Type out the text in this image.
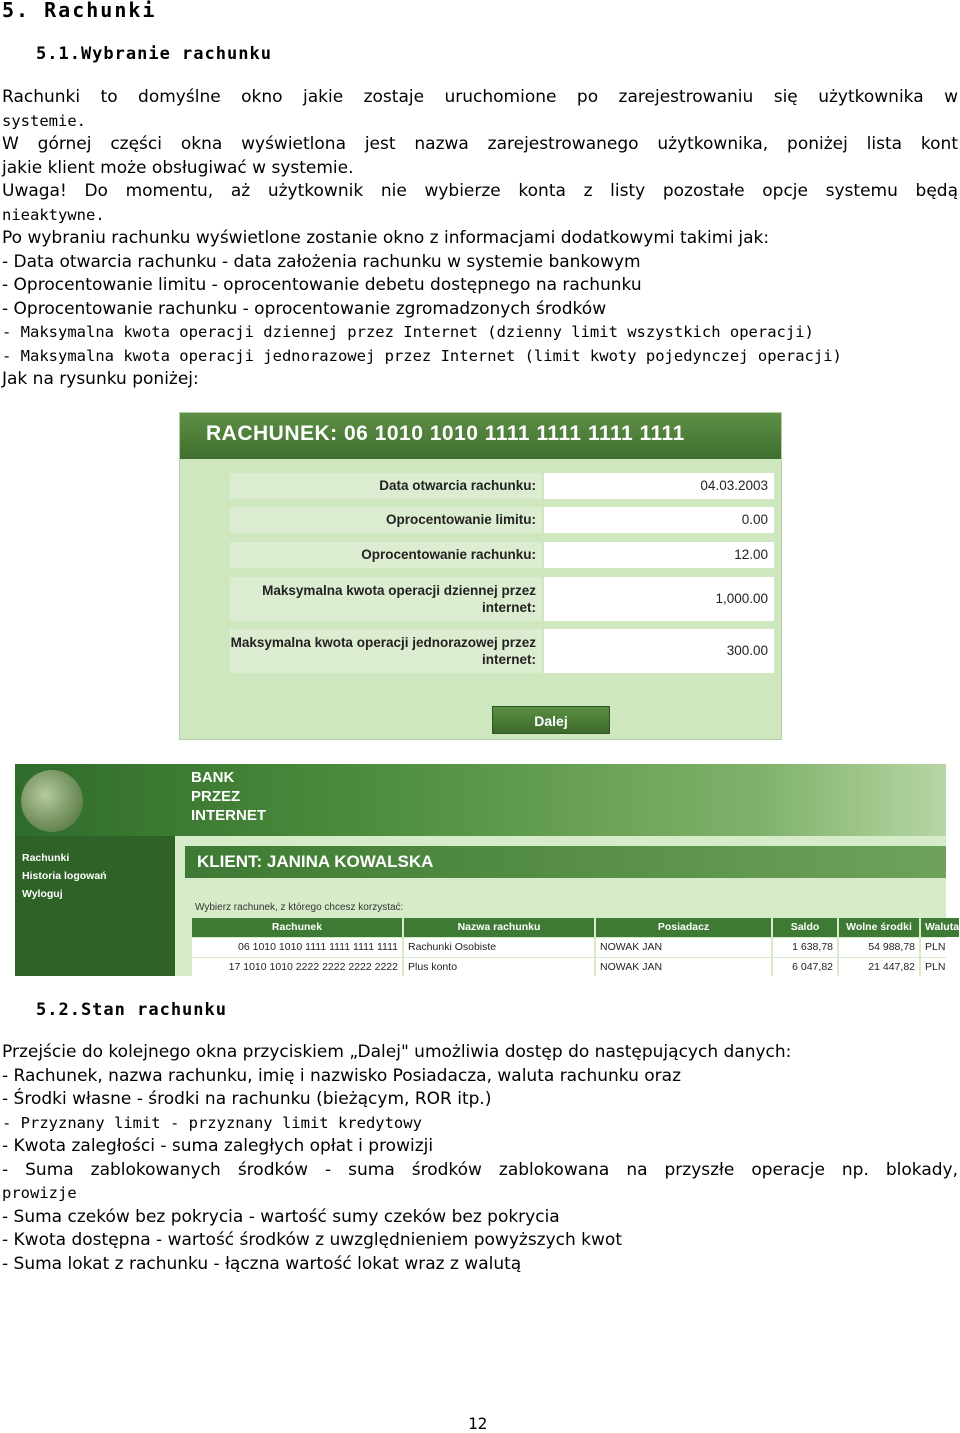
5. Rachunki
5.1.Wybranie rachunku
Rachunki to domyślne okno jakie zostaje uruchomione po zarejestrowaniu się użytkownika w
systemie.
W górnej części okna wyświetlona jest nazwa zarejestrowanego użytkownika, poniżej lista kont
jakie klient może obsługiwać w systemie.
Uwaga! Do momentu, aż użytkownik nie wybierze konta z listy pozostałe opcje systemu będą
nieaktywne.
Po wybraniu rachunku wyświetlone zostanie okno z informacjami dodatkowymi takimi jak:
- Data otwarcia rachunku - data założenia rachunku w systemie bankowym
- Oprocentowanie limitu - oprocentowanie debetu dostępnego na rachunku
- Oprocentowanie rachunku - oprocentowanie zgromadzonych środków
- Maksymalna kwota operacji dziennej przez Internet (dzienny limit wszystkich operacji)
- Maksymalna kwota operacji jednorazowej przez Internet (limit kwoty pojedynczej operacji)
Jak na rysunku poniżej:
RACHUNEK: 06 1010 1010 1111 1111 1111 1111
Data otwarcia rachunku:	04.03.2003
Oprocentowanie limitu:	0.00
Oprocentowanie rachunku:	12.00
Maksymalna kwota operacji dziennej przez internet:
1,000.00
Maksymalna kwota operacji jednorazowej przez internet:
300.00
Dalej
BANK
PRZEZ
INTERNET
Rachunki
Historia logowań
Wyloguj
KLIENT: JANINA KOWALSKA
Wybierz rachunek, z którego chcesz korzystać:
Rachunek	Nazwa rachunku	Posiadacz	Saldo	Wolne środki	Waluta
06 1010 1010 1111 1111 1111 1111 Rachunki Osobiste	NOWAK JAN	1 638,78	54 988,78 PLN
17 1010 1010 2222 2222 2222 2222 Plus konto	NOWAK JAN	6 047,82	21 447,82 PLN
5.2.Stan rachunku
Przejście do kolejnego okna przyciskiem „Dalej" umożliwia dostęp do następujących danych:
- Rachunek, nazwa rachunku, imię i nazwisko Posiadacza, waluta rachunku oraz
- Środki własne - środki na rachunku (bieżącym, ROR itp.)
- Przyznany limit - przyznany limit kredytowy
- Kwota zaległości - suma zaległych opłat i prowizji
- Suma zablokowanych środków - suma środków zablokowana na przyszłe operacje np. blokady,
prowizje
- Suma czeków bez pokrycia - wartość sumy czeków bez pokrycia
- Kwota dostępna - wartość środków z uwzględnieniem powyższych kwot
- Suma lokat z rachunku - łączna wartość lokat wraz z walutą
12
